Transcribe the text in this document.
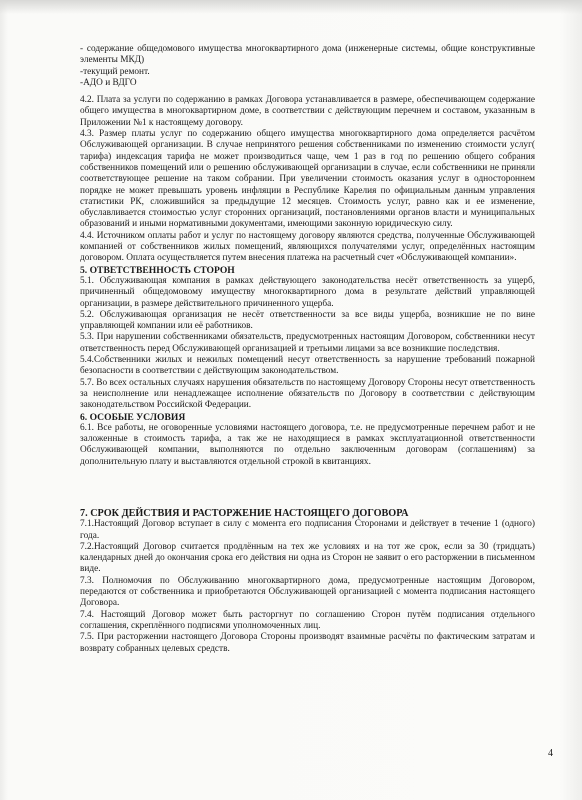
- содержание общедомового имущества многоквартирного дома (инженерные системы, общие конструктивные элементы МКД)

-текущий ремонт.

-АДО и ВДГО

4.2. Плата за услуги по содержанию в рамках Договора устанавливается в размере, обеспечивающем содержание общего имущества в многоквартирном доме, в соответствии с действующим перечнем и составом, указанным в Приложении №1 к настоящему договору.

4.3. Размер платы услуг по содержанию общего имущества многоквартирного дома определяется расчётом Обслуживающей организации. В случае непринятого решения собственниками по изменению стоимости услуг( тарифа) индексация тарифа не может производиться чаще, чем 1 раз в год по решению общего собрания собственников помещений или о решению обслуживающей организации в случае, если собственники не приняли соответствующее решение на таком собрании. При увеличении стоимость оказания услуг в одностороннем порядке не может превышать уровень инфляции в Республике Карелия по официальным данным управления статистики РК, сложившийся за предыдущие 12 месяцев. Стоимость услуг, равно как и ее изменение, обуславливается стоимостью услуг сторонних организаций, постановлениями органов власти и муниципальных образований и иными нормативными документами, имеющими законную юридическую силу.

4.4. Источником оплаты работ и услуг по настоящему договору являются средства, полученные Обслуживающей компанией от собственников жилых помещений, являющихся получателями услуг, определённых настоящим договором. Оплата осуществляется путем внесения платежа на расчетный счет «Обслуживающей компании».

5. ОТВЕТСТВЕННОСТЬ СТОРОН

5.1. Обслуживающая компания в рамках действующего законодательства несёт ответственность за ущерб, причиненный общедомовому имуществу многоквартирного дома в результате действий управляющей организации, в размере действительного причиненного ущерба.

5.2. Обслуживающая организация не несёт ответственности за все виды ущерба, возникшие не по вине управляющей компании или её работников.

5.3. При нарушении собственниками обязательств, предусмотренных настоящим Договором, собственники несут ответственность перед Обслуживающей организацией и третьими лицами за все возникшие последствия.

5.4.Собственники жилых и нежилых помещений несут ответственность за нарушение требований пожарной безопасности в соответствии с действующим законодательством.

5.7. Во всех остальных случаях нарушения обязательств по настоящему Договору Стороны несут ответственность за неисполнение или ненадлежащее исполнение обязательств по Договору в соответствии с действующим законодательством Российской Федерации.

6. ОСОБЫЕ УСЛОВИЯ

6.1. Все работы, не оговоренные условиями настоящего договора, т.е. не предусмотренные перечнем работ и не заложенные в стоимость тарифа, а так же не находящиеся в рамках эксплуатационной ответственности Обслуживающей компании, выполняются по отдельно заключенным договорам (соглашениям) за дополнительную плату и выставляются отдельной строкой в квитанциях.

7. СРОК ДЕЙСТВИЯ И РАСТОРЖЕНИЕ НАСТОЯЩЕГО ДОГОВОРА

7.1.Настоящий Договор вступает в силу с момента его подписания Сторонами и действует в течение 1 (одного) года.

7.2.Настоящий Договор считается продлённым на тех же условиях и на тот же срок, если за 30 (тридцать) календарных дней до окончания срока его действия ни одна из Сторон не заявит о его расторжении в письменном виде.

7.3. Полномочия по Обслуживанию многоквартирного дома, предусмотренные настоящим Договором, передаются от собственника и приобретаются Обслуживающей организацией с момента подписания настоящего Договора.

7.4. Настоящий Договор может быть расторгнут по соглашению Сторон путём подписания отдельного соглашения, скреплённого подписями уполномоченных лиц.

7.5. При расторжении настоящего Договора Стороны производят взаимные расчёты по фактическим затратам и возврату собранных целевых средств.

4
